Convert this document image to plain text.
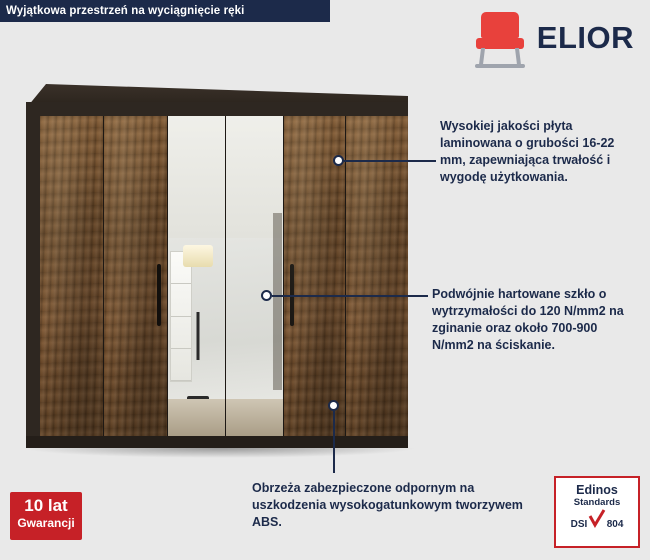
Wyjątkowa przestrzeń na wyciągnięcie ręki
ELIOR
Wysokiej jakości płyta laminowana o grubości 16-22 mm, zapewniająca trwałość i wygodę użytkowania.
Podwójnie hartowane szkło o wytrzymałości do 120 N/mm2 na zginanie oraz około 700-900 N/mm2 na ściskanie.
Obrzeża zabezpieczone odpornym na uszkodzenia wysokogatunkowym tworzywem ABS.
10 lat
Gwarancji
Edinos
Standards
DSI 804
